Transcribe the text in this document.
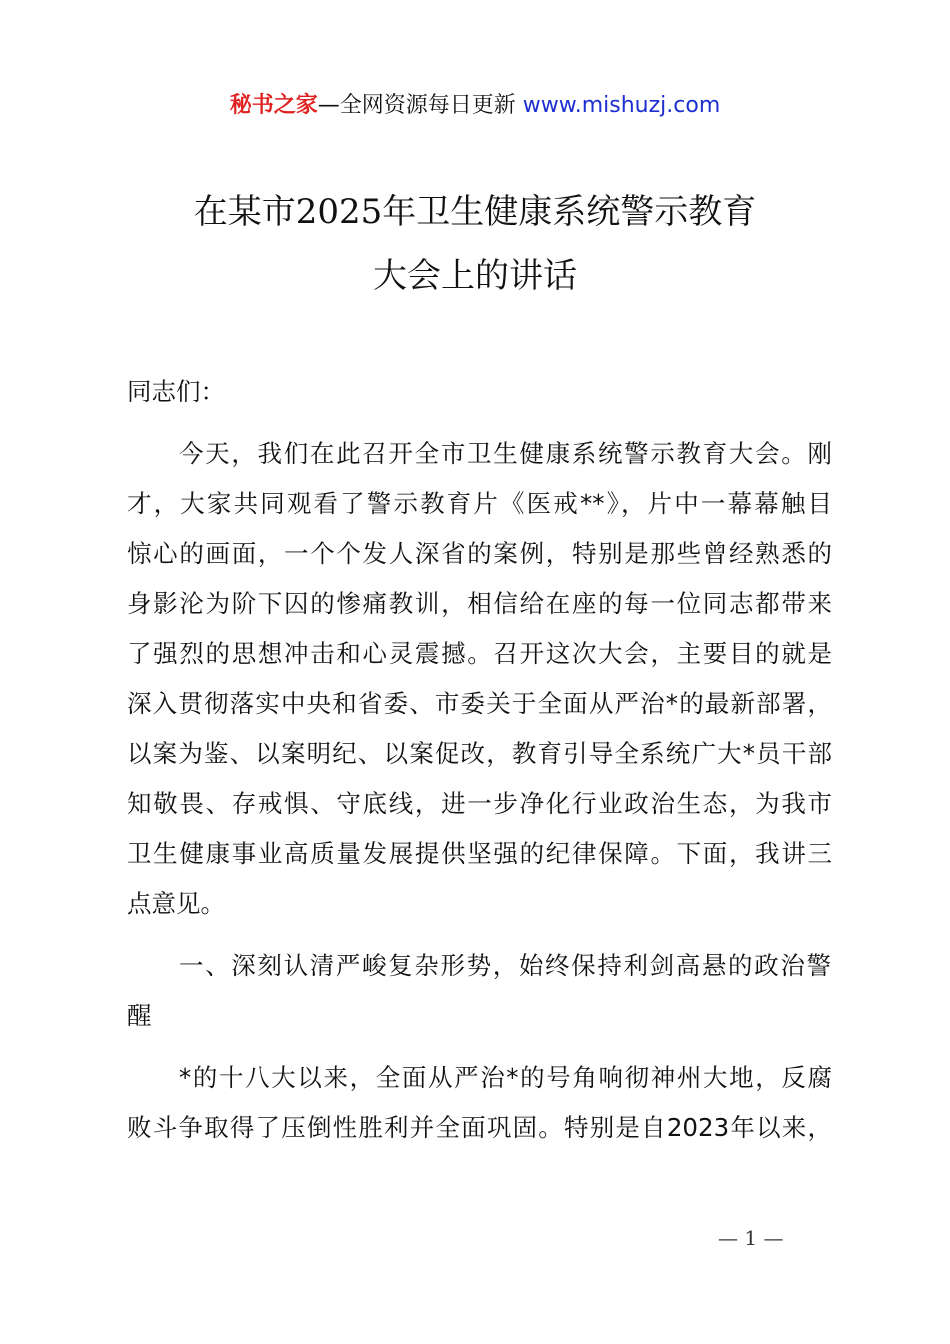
秘书之家—全网资源每日更新 www.mishuzj.com
在某市2025年卫生健康系统警示教育
大会上的讲话
同志们：
今天，我们在此召开全市卫生健康系统警示教育大会。刚
才，大家共同观看了警示教育片《医戒**》，片中一幕幕触目
惊心的画面，一个个发人深省的案例，特别是那些曾经熟悉的
身影沦为阶下囚的惨痛教训，相信给在座的每一位同志都带来
了强烈的思想冲击和心灵震撼。召开这次大会，主要目的就是
深入贯彻落实中央和省委、市委关于全面从严治*的最新部署，
以案为鉴、以案明纪、以案促改，教育引导全系统广大*员干部
知敬畏、存戒惧、守底线，进一步净化行业政治生态，为我市
卫生健康事业高质量发展提供坚强的纪律保障。下面，我讲三
点意见。
一、深刻认清严峻复杂形势，始终保持利剑高悬的政治警
醒
*的十八大以来，全面从严治*的号角响彻神州大地，反腐
败斗争取得了压倒性胜利并全面巩固。特别是自2023年以来，
— 1 —
